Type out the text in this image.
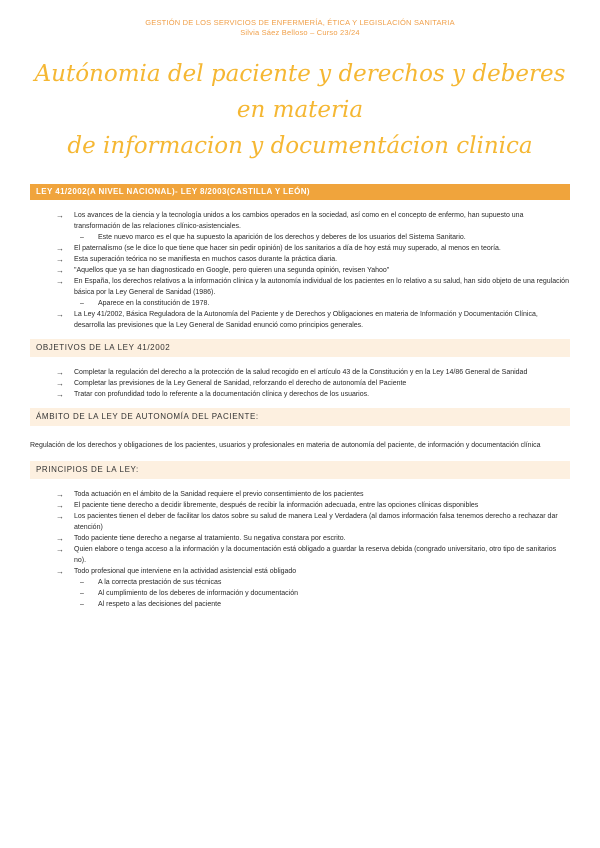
GESTIÓN DE LOS SERVICIOS DE ENFERMERÍA, ÉTICA Y LEGISLACIÓN SANITARIA
Silvia Sáez Belloso – Curso 23/24
Autónomia del paciente y derechos y deberes en materia
de informacion y documentácion clinica
LEY 41/2002(A NIVEL NACIONAL)- LEY 8/2003(CASTILLA Y LEÓN)
→ Los avances de la ciencia y la tecnología unidos a los cambios operados en la sociedad, así como en el concepto de enfermo, han supuesto una transformación de las relaciones clínico-asistenciales.
– Este nuevo marco es el que ha supuesto la aparición de los derechos y deberes de los usuarios del Sistema Sanitario.
→ El paternalismo (se le dice lo que tiene que hacer sin pedir opinión) de los sanitarios a día de hoy está muy superado, al menos en teoría.
→ Esta superación teórica no se manifiesta en muchos casos durante la práctica diaria.
→ "Aquellos que ya se han diagnosticado en Google, pero quieren una segunda opinión, revisen Yahoo"
→ En España, los derechos relativos a la información clínica y la autonomía individual de los pacientes en lo relativo a su salud, han sido objeto de una regulación básica por la Ley General de Sanidad (1986).
– Aparece en la constitución de 1978.
→ La Ley 41/2002, Básica Reguladora de la Autonomía del Paciente y de Derechos y Obligaciones en materia de Información y Documentación Clínica, desarrolla las previsiones que la Ley General de Sanidad enunció como principios generales.
OBJETIVOS DE LA LEY 41/2002
→ Completar la regulación del derecho a la protección de la salud recogido en el artículo 43 de la Constitución y en la Ley 14/86 General de Sanidad
→ Completar las previsiones de la Ley General de Sanidad, reforzando el derecho de autonomía del Paciente
→ Tratar con profundidad todo lo referente a la documentación clínica y derechos de los usuarios.
ÁMBITO DE LA LEY DE AUTONOMÍA DEL PACIENTE:
Regulación de los derechos y obligaciones de los pacientes, usuarios y profesionales en materia de autonomía del paciente, de información y documentación clínica
PRINCIPIOS DE LA LEY:
→ Toda actuación en el ámbito de la Sanidad requiere el previo consentimiento de los pacientes
→ El paciente tiene derecho a decidir libremente, después de recibir la información adecuada, entre las opciones clínicas disponibles
→ Los pacientes tienen el deber de facilitar los datos sobre su salud de manera Leal y Verdadera (al damos información falsa tenemos derecho a rechazar dar atención)
→ Todo paciente tiene derecho a negarse al tratamiento. Su negativa constara por escrito.
→ Quien elabore o tenga acceso a la información y la documentación está obligado a guardar la reserva debida (congrado universitario, otro tipo de sanitarios no).
→ Todo profesional que interviene en la actividad asistencial está obligado
– A la correcta prestación de sus técnicas
– Al cumplimiento de los deberes de información y documentación
– Al respeto a las decisiones del paciente
